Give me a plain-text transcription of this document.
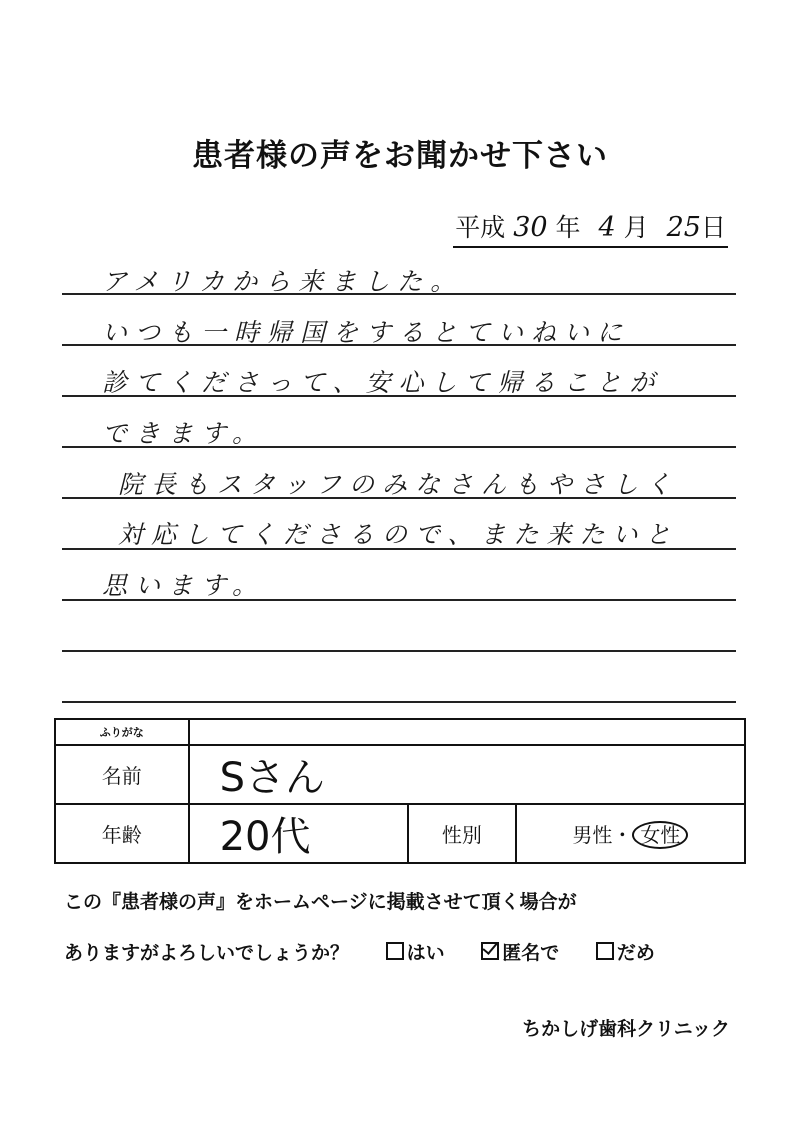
患者様の声をお聞かせ下さい
平成 30 年 4 月 25日
アメリカから来ました。
いつも一時帰国をするとていねいに
診てくださって、安心して帰ることが
できます。
院長もスタッフのみなさんもやさしく
対応してくださるので、また来たいと
思います。
ふりがな			
名前	Sさん		
年齢	20代	性別	男性・ 女性
この『患者様の声』をホームページに掲載させて頂く場合が
ありますがよろしいでしょうか？	はい	匿名で	だめ
ちかしげ歯科クリニック
